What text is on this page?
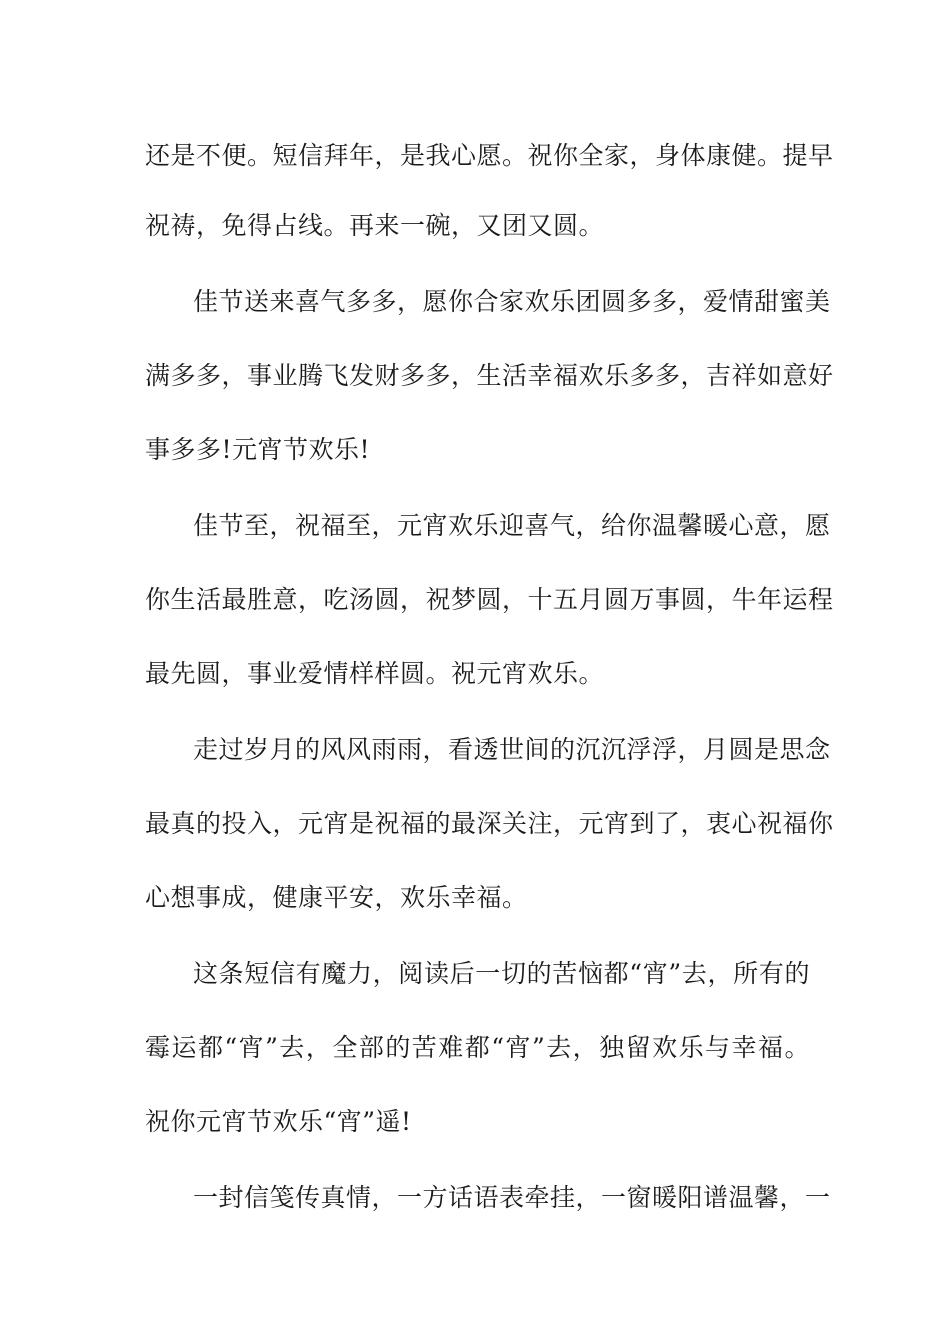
还是不便。短信拜年，是我心愿。祝你全家，身体康健。提早
祝祷，免得占线。再来一碗，又团又圆。
佳节送来喜气多多，愿你合家欢乐团圆多多，爱情甜蜜美
满多多，事业腾飞发财多多，生活幸福欢乐多多，吉祥如意好
事多多!元宵节欢乐!
佳节至，祝福至，元宵欢乐迎喜气，给你温馨暖心意，愿
你生活最胜意，吃汤圆，祝梦圆，十五月圆万事圆，牛年运程
最先圆，事业爱情样样圆。祝元宵欢乐。
走过岁月的风风雨雨，看透世间的沉沉浮浮，月圆是思念
最真的投入，元宵是祝福的最深关注，元宵到了，衷心祝福你
心想事成，健康平安，欢乐幸福。
这条短信有魔力，阅读后一切的苦恼都“宵”去，所有的
霉运都“宵”去，全部的苦难都“宵”去，独留欢乐与幸福。
祝你元宵节欢乐“宵”遥!
一封信笺传真情，一方话语表牵挂，一窗暖阳谱温馨，一
